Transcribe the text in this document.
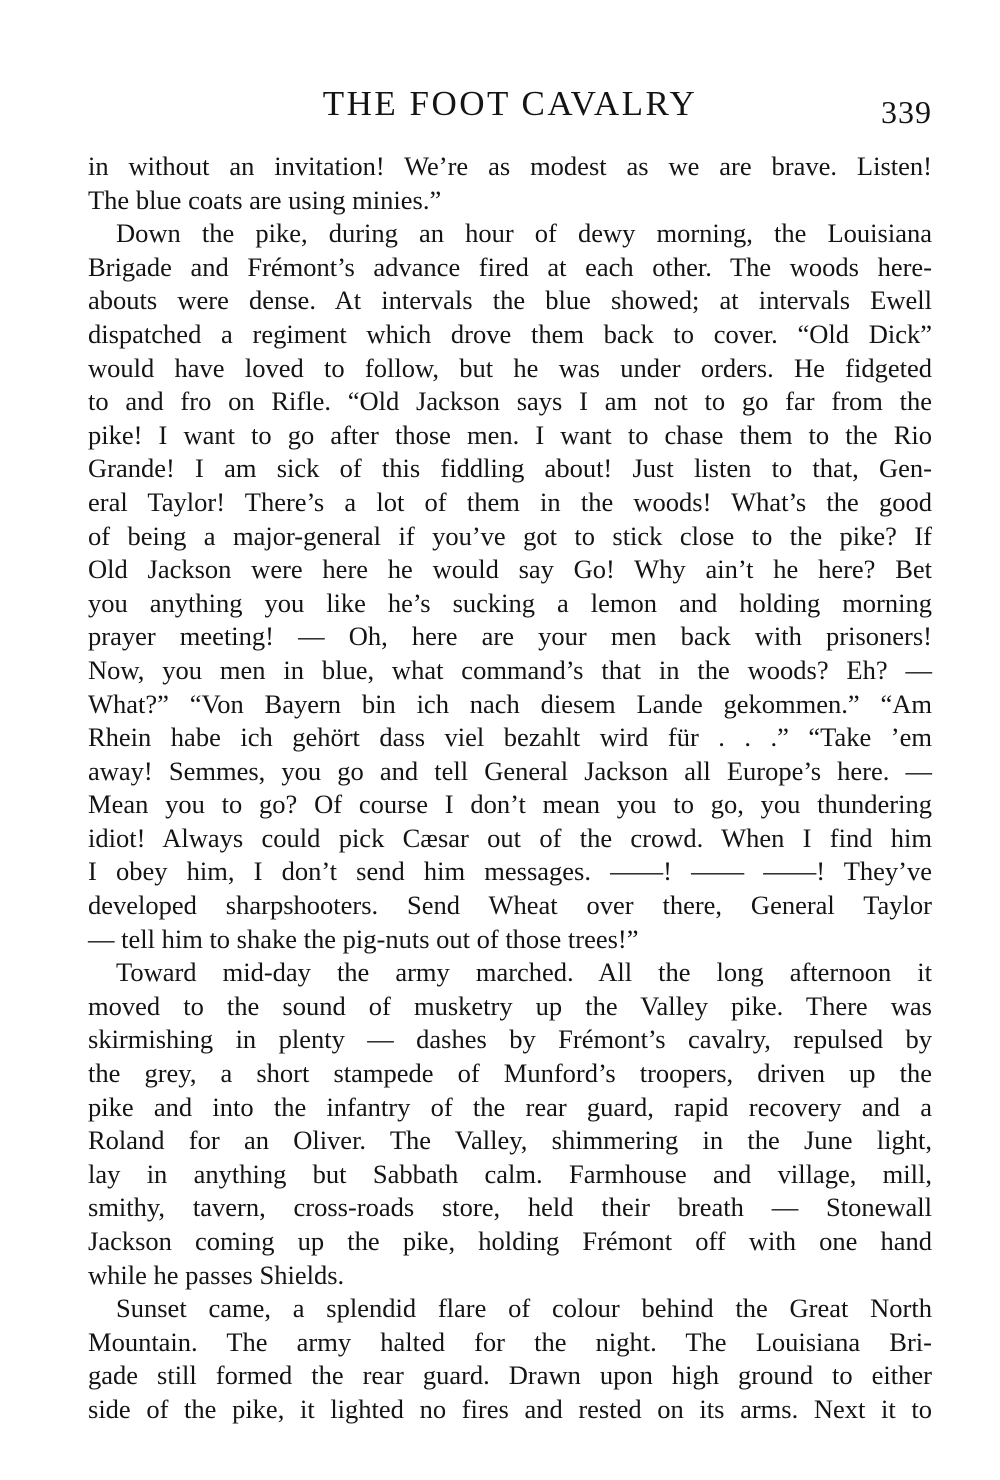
THE FOOT CAVALRY	339
in without an invitation! We’re as modest as we are brave. Listen!
The blue coats are using minies.”
Down the pike, during an hour of dewy morning, the Louisiana
Brigade and Frémont’s advance fired at each other. The woods here-
abouts were dense. At intervals the blue showed; at intervals Ewell
dispatched a regiment which drove them back to cover. “Old Dick”
would have loved to follow, but he was under orders. He fidgeted
to and fro on Rifle. “Old Jackson says I am not to go far from the
pike! I want to go after those men. I want to chase them to the Rio
Grande! I am sick of this fiddling about! Just listen to that, Gen-
eral Taylor! There’s a lot of them in the woods! What’s the good
of being a major-general if you’ve got to stick close to the pike? If
Old Jackson were here he would say Go! Why ain’t he here? Bet
you anything you like he’s sucking a lemon and holding morning
prayer meeting! — Oh, here are your men back with prisoners!
Now, you men in blue, what command’s that in the woods? Eh? —
What?” “Von Bayern bin ich nach diesem Lande gekommen.” “Am
Rhein habe ich gehört dass viel bezahlt wird für . . .” “Take ’em
away! Semmes, you go and tell General Jackson all Europe’s here. —
Mean you to go? Of course I don’t mean you to go, you thundering
idiot! Always could pick Cæsar out of the crowd. When I find him
I obey him, I don’t send him messages. ——! —— ——! They’ve
developed sharpshooters. Send Wheat over there, General Taylor
— tell him to shake the pig-nuts out of those trees!”
Toward mid-day the army marched. All the long afternoon it
moved to the sound of musketry up the Valley pike. There was
skirmishing in plenty — dashes by Frémont’s cavalry, repulsed by
the grey, a short stampede of Munford’s troopers, driven up the
pike and into the infantry of the rear guard, rapid recovery and a
Roland for an Oliver. The Valley, shimmering in the June light,
lay in anything but Sabbath calm. Farmhouse and village, mill,
smithy, tavern, cross-roads store, held their breath — Stonewall
Jackson coming up the pike, holding Frémont off with one hand
while he passes Shields.
Sunset came, a splendid flare of colour behind the Great North
Mountain. The army halted for the night. The Louisiana Bri-
gade still formed the rear guard. Drawn upon high ground to either
side of the pike, it lighted no fires and rested on its arms. Next it to
